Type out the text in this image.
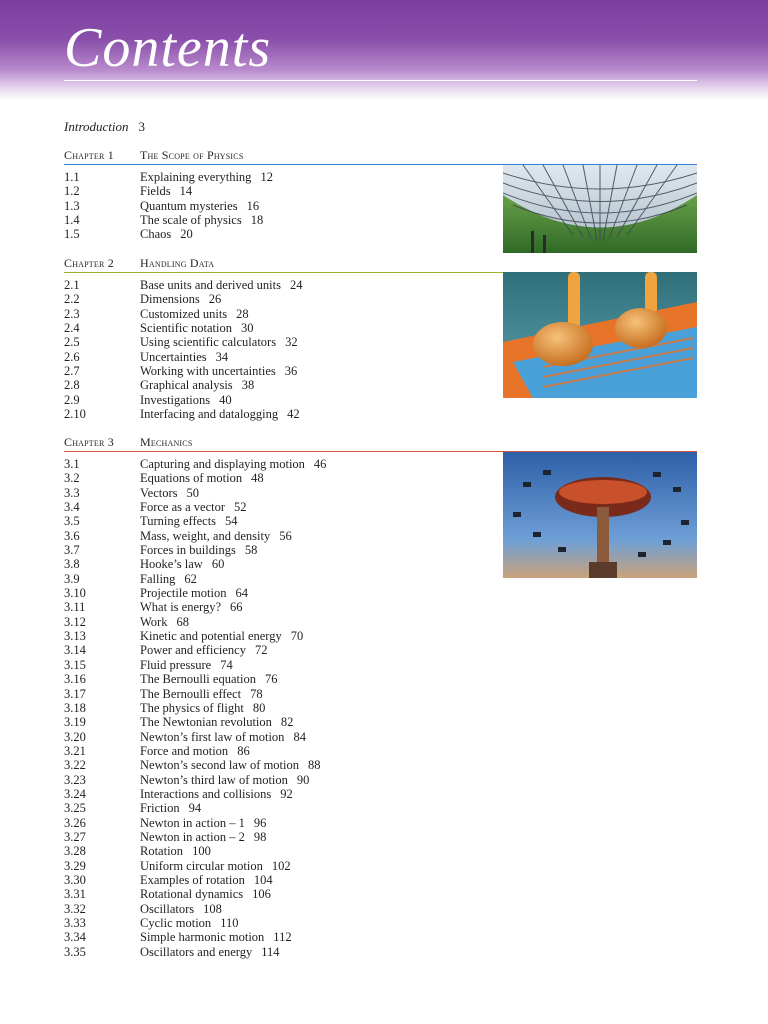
Contents
Introduction 3
Chapter 1 The Scope of Physics
1.1	Explaining everything 12
1.2	Fields 14
1.3	Quantum mysteries 16
1.4	The scale of physics 18
1.5	Chaos 20
Chapter 2 Handling Data
2.1	Base units and derived units 24
2.2	Dimensions 26
2.3	Customized units 28
2.4	Scientific notation 30
2.5	Using scientific calculators 32
2.6	Uncertainties 34
2.7	Working with uncertainties 36
2.8	Graphical analysis 38
2.9	Investigations 40
2.10	Interfacing and datalogging 42
Chapter 3 Mechanics
3.1	Capturing and displaying motion 46
3.2	Equations of motion 48
3.3	Vectors 50
3.4	Force as a vector 52
3.5	Turning effects 54
3.6	Mass, weight, and density 56
3.7	Forces in buildings 58
3.8	Hooke’s law 60
3.9	Falling 62
3.10	Projectile motion 64
3.11	What is energy? 66
3.12	Work 68
3.13	Kinetic and potential energy 70
3.14	Power and efficiency 72
3.15	Fluid pressure 74
3.16	The Bernoulli equation 76
3.17	The Bernoulli effect 78
3.18	The physics of flight 80
3.19	The Newtonian revolution 82
3.20	Newton’s first law of motion 84
3.21	Force and motion 86
3.22	Newton’s second law of motion 88
3.23	Newton’s third law of motion 90
3.24	Interactions and collisions 92
3.25	Friction 94
3.26	Newton in action – 1 96
3.27	Newton in action – 2 98
3.28	Rotation 100
3.29	Uniform circular motion 102
3.30	Examples of rotation 104
3.31	Rotational dynamics 106
3.32	Oscillators 108
3.33	Cyclic motion 110
3.34	Simple harmonic motion 112
3.35	Oscillators and energy 114
